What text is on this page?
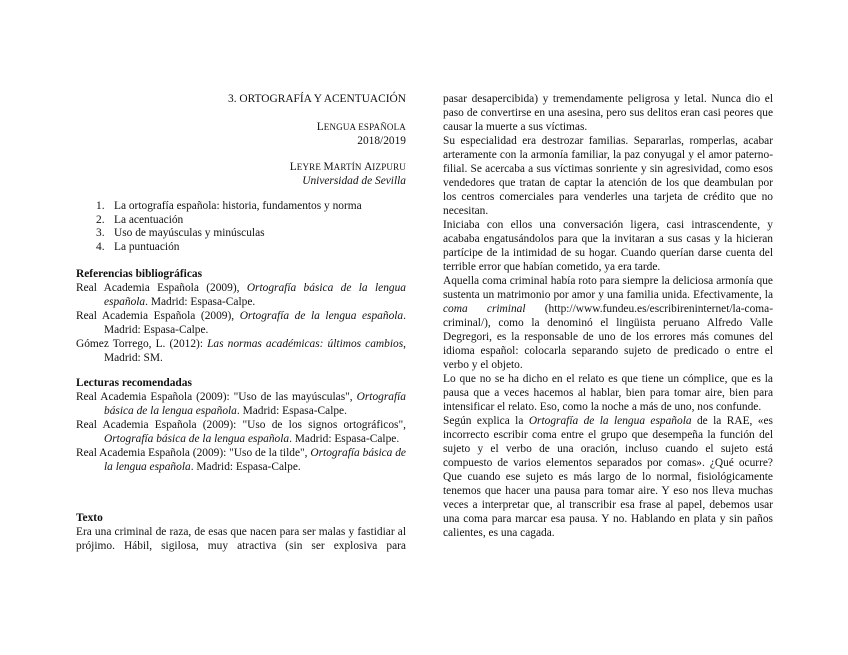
3. ORTOGRAFÍA Y ACENTUACIÓN
LENGUA ESPAÑOLA
2018/2019
LEYRE MARTÍN AIZPURU
Universidad de Sevilla
1. La ortografía española: historia, fundamentos y norma
2. La acentuación
3. Uso de mayúsculas y minúsculas
4. La puntuación
Referencias bibliográficas

Real Academia Española (2009), Ortografía básica de la lengua española. Madrid: Espasa-Calpe.

Real Academia Española (2009), Ortografía de la lengua española. Madrid: Espasa-Calpe.

Gómez Torrego, L. (2012): Las normas académicas: últimos cambios, Madrid: SM.

Lecturas recomendadas

Real Academia Española (2009): "Uso de las mayúsculas", Ortografía básica de la lengua española. Madrid: Espasa-Calpe.

Real Academia Española (2009): "Uso de los signos ortográficos", Ortografía básica de la lengua española. Madrid: Espasa-Calpe.

Real Academia Española (2009): "Uso de la tilde", Ortografía básica de la lengua española. Madrid: Espasa-Calpe.

Texto

Era una criminal de raza, de esas que nacen para ser malas y fastidiar al prójimo. Hábil, sigilosa, muy atractiva (sin ser explosiva para

pasar desapercibida) y tremendamente peligrosa y letal. Nunca dio el paso de convertirse en una asesina, pero sus delitos eran casi peores que causar la muerte a sus víctimas.

Su especialidad era destrozar familias. Separarlas, romperlas, acabar arteramente con la armonía familiar, la paz conyugal y el amor paterno-filial. Se acercaba a sus víctimas sonriente y sin agresividad, como esos vendedores que tratan de captar la atención de los que deambulan por los centros comerciales para venderles una tarjeta de crédito que no necesitan.

Iniciaba con ellos una conversación ligera, casi intrascendente, y acababa engatusándolos para que la invitaran a sus casas y la hicieran partícipe de la intimidad de su hogar. Cuando querían darse cuenta del terrible error que habían cometido, ya era tarde.

Aquella coma criminal había roto para siempre la deliciosa armonía que sustenta un matrimonio por amor y una familia unida. Efectivamente, la coma criminal (http://www.fundeu.es/escribireninternet/la-coma-criminal/), como la denominó el lingüista peruano Alfredo Valle Degregori, es la responsable de uno de los errores más comunes del idioma español: colocarla separando sujeto de predicado o entre el verbo y el objeto.

Lo que no se ha dicho en el relato es que tiene un cómplice, que es la pausa que a veces hacemos al hablar, bien para tomar aire, bien para intensificar el relato. Eso, como la noche a más de uno, nos confunde.

Según explica la Ortografía de la lengua española de la RAE, «es incorrecto escribir coma entre el grupo que desempeña la función del sujeto y el verbo de una oración, incluso cuando el sujeto está compuesto de varios elementos separados por comas». ¿Qué ocurre? Que cuando ese sujeto es más largo de lo normal, fisiológicamente tenemos que hacer una pausa para tomar aire. Y eso nos lleva muchas veces a interpretar que, al transcribir esa frase al papel, debemos usar una coma para marcar esa pausa. Y no. Hablando en plata y sin paños calientes, es una cagada.
